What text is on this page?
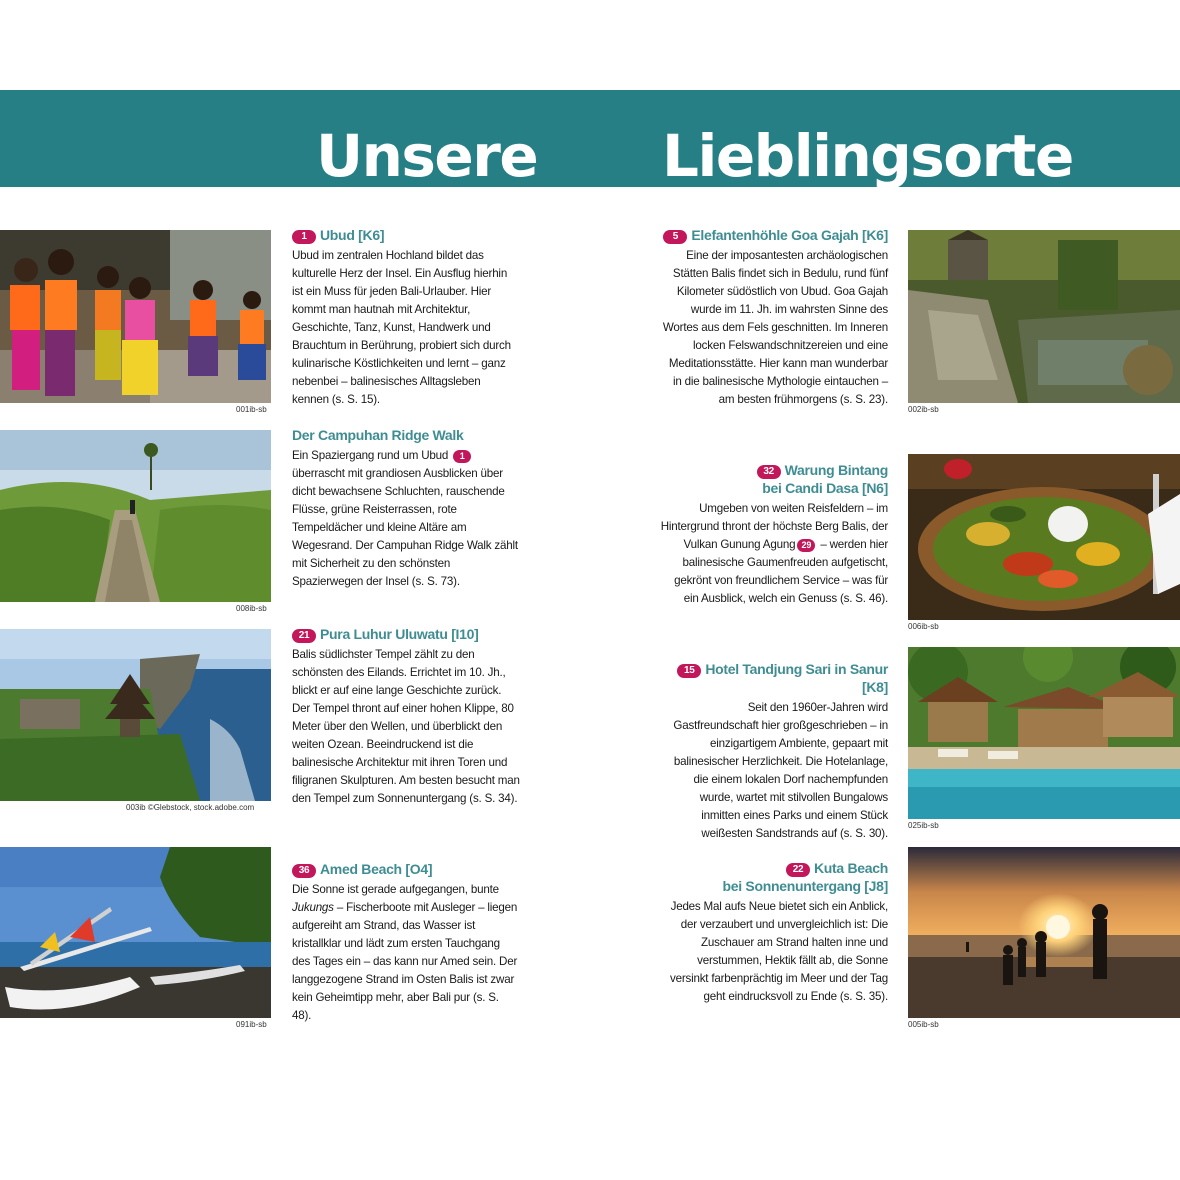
Unsere Lieblingsorte
001ib-sb
1 Ubud [K6]

Ubud im zentralen Hochland bildet das kulturelle Herz der Insel. Ein Ausflug hierhin ist ein Muss für jeden Bali-Urlauber. Hier kommt man hautnah mit Architektur, Geschichte, Tanz, Kunst, Handwerk und Brauchtum in Berührung, probiert sich durch kulinarische Köstlichkeiten und lernt – ganz nebenbei – balinesisches Alltagsleben kennen (s. S. 15).

008ib-sb
Der Campuhan Ridge Walk

Ein Spaziergang rund um Ubud 1 überrascht mit grandiosen Ausblicken über dicht bewachsene Schluchten, rauschende Flüsse, grüne Reisterrassen, rote Tempeldächer und kleine Altäre am Wegesrand. Der Campuhan Ridge Walk zählt mit Sicherheit zu den schönsten Spazierwegen der Insel (s. S. 73).

003ib ©Glebstock, stock.adobe.com
21 Pura Luhur Uluwatu [I10]

Balis südlichster Tempel zählt zu den schönsten des Eilands. Errichtet im 10. Jh., blickt er auf eine lange Geschichte zurück. Der Tempel thront auf einer hohen Klippe, 80 Meter über den Wellen, und überblickt den weiten Ozean. Beeindruckend ist die balinesische Architektur mit ihren Toren und filigranen Skulpturen. Am besten besucht man den Tempel zum Sonnenuntergang (s. S. 34).

091ib-sb
36 Amed Beach [O4]

Die Sonne ist gerade aufgegangen, bunte Jukungs – Fischerboote mit Ausleger – liegen aufgereiht am Strand, das Wasser ist kristallklar und lädt zum ersten Tauchgang des Tages ein – das kann nur Amed sein. Der langgezogene Strand im Osten Balis ist zwar kein Geheimtipp mehr, aber Bali pur (s. S. 48).

5 Elefantenhöhle Goa Gajah [K6]

Eine der imposantesten archäologischen Stätten Balis findet sich in Bedulu, rund fünf Kilometer südöstlich von Ubud. Goa Gajah wurde im 11. Jh. im wahrsten Sinne des Wortes aus dem Fels geschnitten. Im Inneren locken Felswandschnitzereien und eine Meditationsstätte. Hier kann man wunderbar in die balinesische Mythologie eintauchen – am besten frühmorgens (s. S. 23).

002ib-sb
32 Warung Bintang
bei Candi Dasa [N6]

Umgeben von weiten Reisfeldern – im Hintergrund thront der höchste Berg Balis, der Vulkan Gunung Agung 29 – werden hier balinesische Gaumenfreuden aufgetischt, gekrönt von freundlichem Service – was für ein Ausblick, welch ein Genuss (s. S. 46).

006ib-sb
15 Hotel Tandjung Sari in Sanur [K8]

Seit den 1960er-Jahren wird Gastfreundschaft hier großgeschrieben – in einzigartigem Ambiente, gepaart mit balinesischer Herzlichkeit. Die Hotelanlage, die einem lokalen Dorf nachempfunden wurde, wartet mit stilvollen Bungalows inmitten eines Parks und einem Stück weißesten Sandstrands auf (s. S. 30).

025ib-sb
22 Kuta Beach
bei Sonnenuntergang [J8]

Jedes Mal aufs Neue bietet sich ein Anblick, der verzaubert und unvergleichlich ist: Die Zuschauer am Strand halten inne und verstummen, Hektik fällt ab, die Sonne versinkt farbenprächtig im Meer und der Tag geht eindrucksvoll zu Ende (s. S. 35).

005ib-sb
